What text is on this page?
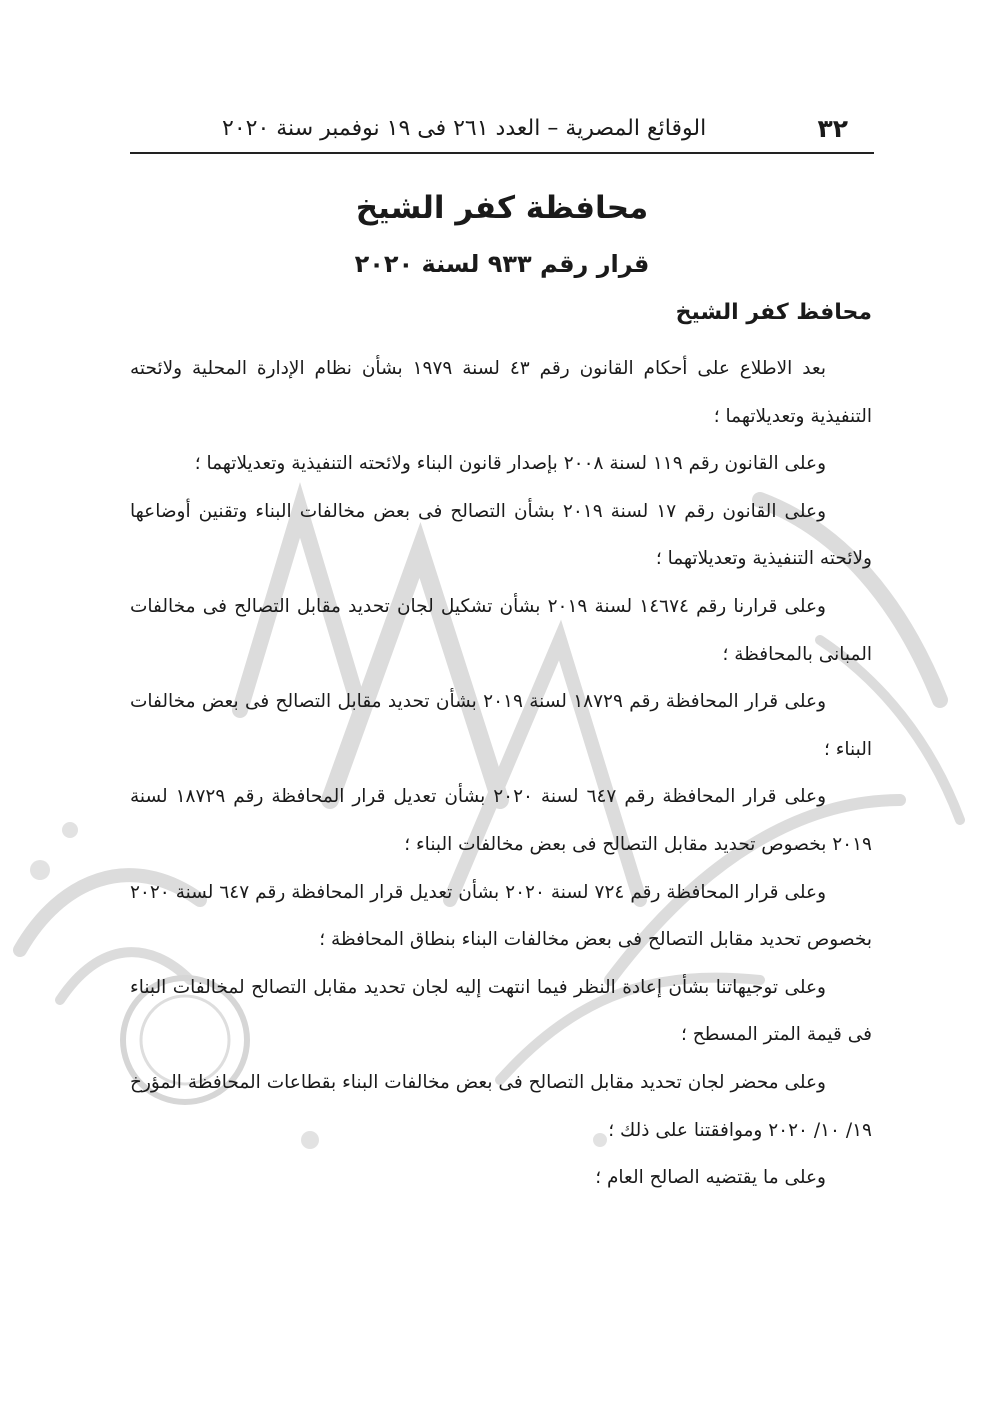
٣٢
الوقائع المصرية – العدد ٢٦١ فى ١٩ نوفمبر سنة ٢٠٢٠
محافظة كفر الشيخ
قرار رقم ٩٣٣ لسنة ٢٠٢٠
محافظ كفر الشيخ

بعد الاطلاع على أحكام القانون رقم ٤٣ لسنة ١٩٧٩ بشأن نظام الإدارة المحلية ولائحته التنفيذية وتعديلاتهما ؛

وعلى القانون رقم ١١٩ لسنة ٢٠٠٨ بإصدار قانون البناء ولائحته التنفيذية وتعديلاتهما ؛

وعلى القانون رقم ١٧ لسنة ٢٠١٩ بشأن التصالح فى بعض مخالفات البناء وتقنين أوضاعها ولائحته التنفيذية وتعديلاتهما ؛

وعلى قرارنا رقم ١٤٦٧٤ لسنة ٢٠١٩ بشأن تشكيل لجان تحديد مقابل التصالح فى مخالفات المبانى بالمحافظة ؛

وعلى قرار المحافظة رقم ١٨٧٢٩ لسنة ٢٠١٩ بشأن تحديد مقابل التصالح فى بعض مخالفات البناء ؛

وعلى قرار المحافظة رقم ٦٤٧ لسنة ٢٠٢٠ بشأن تعديل قرار المحافظة رقم ١٨٧٢٩ لسنة ٢٠١٩ بخصوص تحديد مقابل التصالح فى بعض مخالفات البناء ؛

وعلى قرار المحافظة رقم ٧٢٤ لسنة ٢٠٢٠ بشأن تعديل قرار المحافظة رقم ٦٤٧ لسنة ٢٠٢٠ بخصوص تحديد مقابل التصالح فى بعض مخالفات البناء بنطاق المحافظة ؛

وعلى توجيهاتنا بشأن إعادة النظر فيما انتهت إليه لجان تحديد مقابل التصالح لمخالفات البناء فى قيمة المتر المسطح ؛

وعلى محضر لجان تحديد مقابل التصالح فى بعض مخالفات البناء بقطاعات المحافظة المؤرخ ١٩/ ١٠/ ٢٠٢٠ وموافقتنا على ذلك ؛

وعلى ما يقتضيه الصالح العام ؛
